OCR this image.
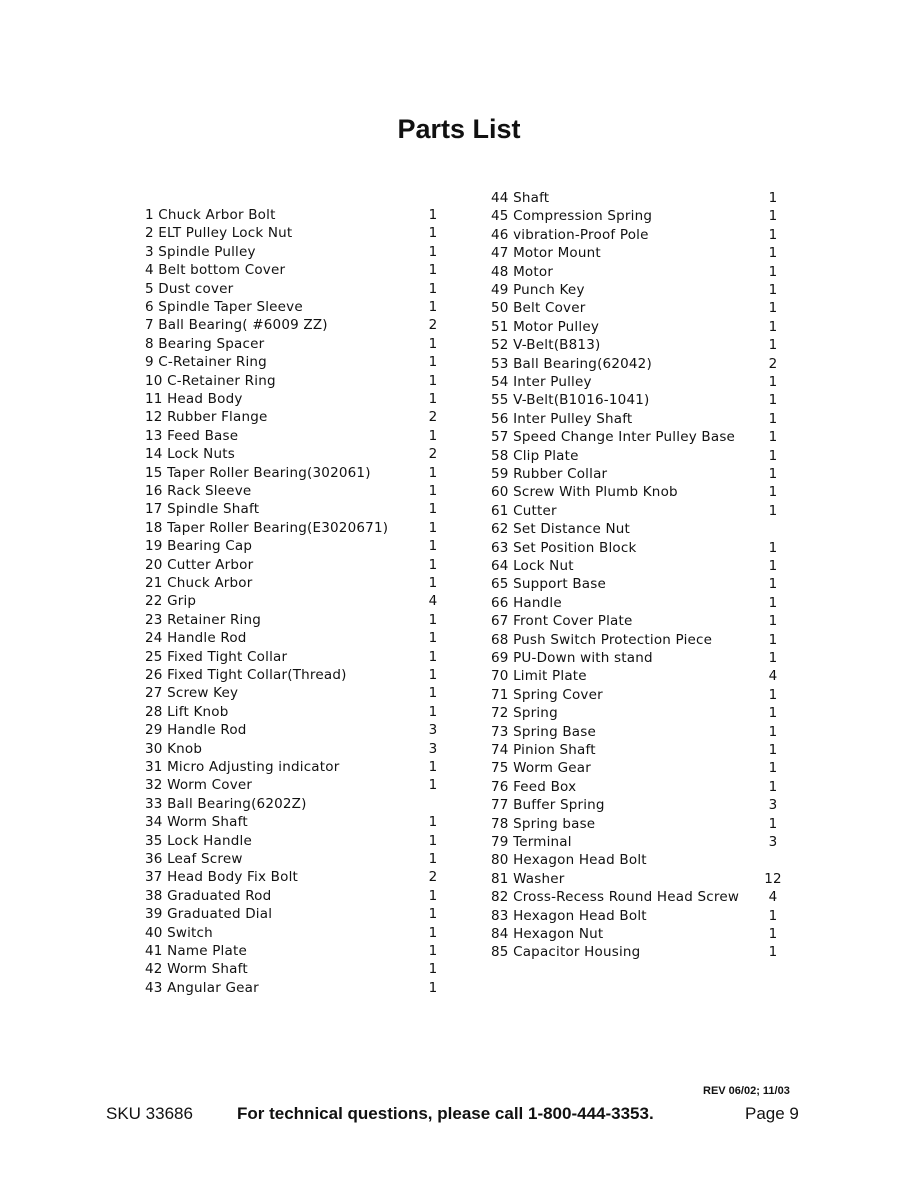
Parts List
1 Chuck Arbor Bolt	1
2 ELT Pulley Lock Nut	1
3 Spindle Pulley	1
4 Belt bottom Cover	1
5 Dust cover	1
6 Spindle Taper Sleeve	1
7 Ball Bearing( #6009 ZZ)	2
8 Bearing Spacer	1
9 C-Retainer Ring	1
10 C-Retainer Ring	1
11 Head Body	1
12 Rubber Flange	2
13 Feed Base	1
14 Lock Nuts	2
15 Taper Roller Bearing(302061)	1
16 Rack Sleeve	1
17 Spindle Shaft	1
18 Taper Roller Bearing(E3020671)	1
19 Bearing Cap	1
20 Cutter Arbor	1
21 Chuck Arbor	1
22 Grip	4
23 Retainer Ring	1
24 Handle Rod	1
25 Fixed Tight Collar	1
26 Fixed Tight Collar(Thread)	1
27 Screw Key	1
28 Lift Knob	1
29 Handle Rod	3
30 Knob	3
31 Micro Adjusting indicator	1
32 Worm Cover	1
33 Ball Bearing(6202Z)
34 Worm Shaft	1
35 Lock Handle	1
36 Leaf Screw	1
37 Head Body Fix Bolt	2
38 Graduated Rod	1
39 Graduated Dial	1
40 Switch	1
41 Name Plate	1
42 Worm Shaft	1
43 Angular Gear	1
44 Shaft	1
45 Compression Spring	1
46 vibration-Proof Pole	1
47 Motor Mount	1
48 Motor	1
49 Punch Key	1
50 Belt Cover	1
51 Motor Pulley	1
52 V-Belt(B813)	1
53 Ball Bearing(62042)	2
54 Inter Pulley	1
55 V-Belt(B1016-1041)	1
56 Inter Pulley Shaft	1
57 Speed Change Inter Pulley Base	1
58 Clip Plate	1
59 Rubber Collar	1
60 Screw With Plumb Knob	1
61 Cutter	1
62 Set Distance Nut
63 Set Position Block	1
64 Lock Nut	1
65 Support Base	1
66 Handle	1
67 Front Cover Plate	1
68 Push Switch Protection Piece	1
69 PU-Down with stand	1
70 Limit Plate	4
71 Spring Cover	1
72 Spring	1
73 Spring Base	1
74 Pinion Shaft	1
75 Worm Gear	1
76 Feed Box	1
77 Buffer Spring	3
78 Spring base	1
79 Terminal	3
80 Hexagon Head Bolt
81 Washer	12
82 Cross-Recess Round Head Screw	4
83 Hexagon Head Bolt	1
84 Hexagon Nut	1
85 Capacitor Housing	1
REV 06/02; 11/03
SKU 33686	For technical questions, please call 1-800-444-3353.	Page 9
